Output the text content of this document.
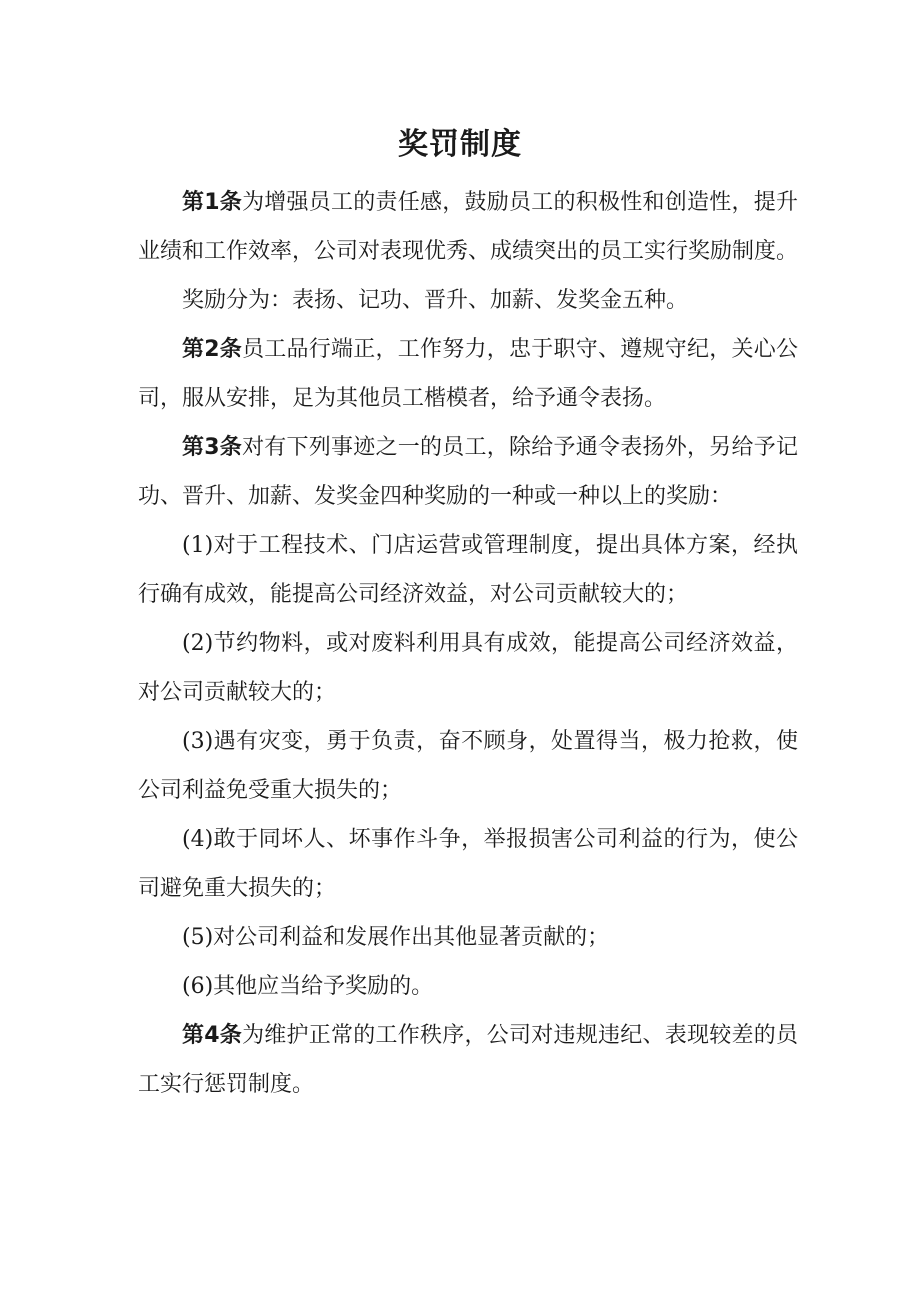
奖罚制度

第1条为增强员工的责任感，鼓励员工的积极性和创造性，提升业绩和工作效率，公司对表现优秀、成绩突出的员工实行奖励制度。

奖励分为：表扬、记功、晋升、加薪、发奖金五种。

第2条员工品行端正，工作努力，忠于职守、遵规守纪，关心公司，服从安排，足为其他员工楷模者，给予通令表扬。

第3条对有下列事迹之一的员工，除给予通令表扬外，另给予记功、晋升、加薪、发奖金四种奖励的一种或一种以上的奖励：

(1)对于工程技术、门店运营或管理制度，提出具体方案，经执行确有成效，能提高公司经济效益，对公司贡献较大的；

(2)节约物料，或对废料利用具有成效，能提高公司经济效益，对公司贡献较大的；

(3)遇有灾变，勇于负责，奋不顾身，处置得当，极力抢救，使公司利益免受重大损失的；

(4)敢于同坏人、坏事作斗争，举报损害公司利益的行为，使公司避免重大损失的；

(5)对公司利益和发展作出其他显著贡献的；

(6)其他应当给予奖励的。

第4条为维护正常的工作秩序，公司对违规违纪、表现较差的员工实行惩罚制度。
